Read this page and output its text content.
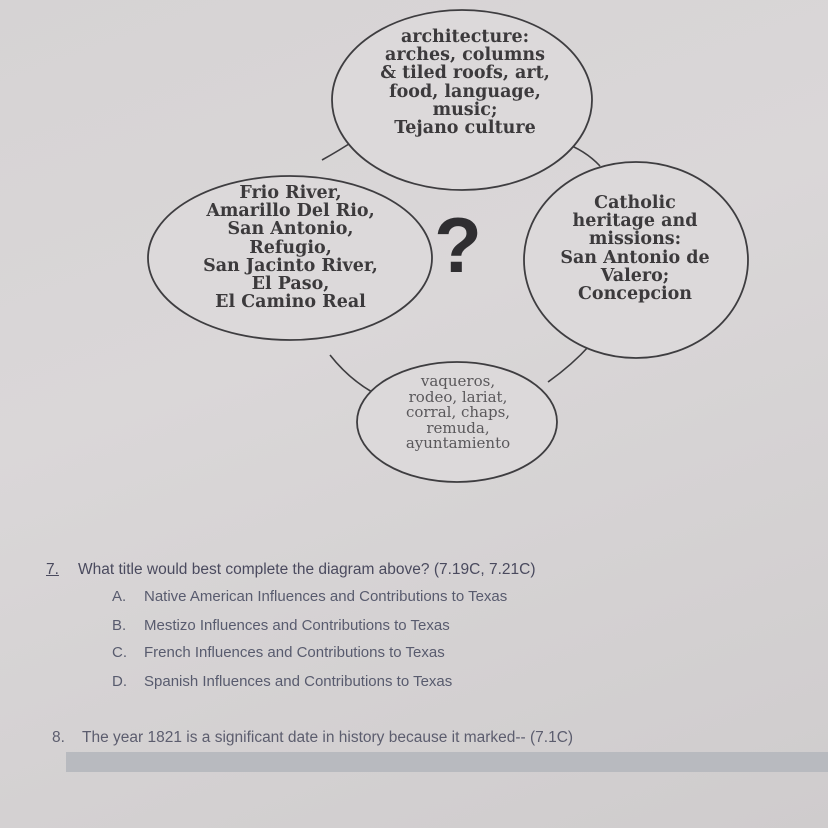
architecture:
arches, columns
& tiled roofs, art,
food, language,
music;
Tejano culture
Frio River,
Amarillo Del Rio,
San Antonio,
Refugio,
San Jacinto River,
El Paso,
El Camino Real
Catholic
heritage and
missions:
San Antonio de
Valero;
Concepcion
vaqueros,
rodeo, lariat,
corral, chaps,
remuda,
ayuntamiento
?
7. What title would best complete the diagram above? (7.19C, 7.21C)
A. Native American Influences and Contributions to Texas
B. Mestizo Influences and Contributions to Texas
C. French Influences and Contributions to Texas
D. Spanish Influences and Contributions to Texas
8. The year 1821 is a significant date in history because it marked-- (7.1C)
